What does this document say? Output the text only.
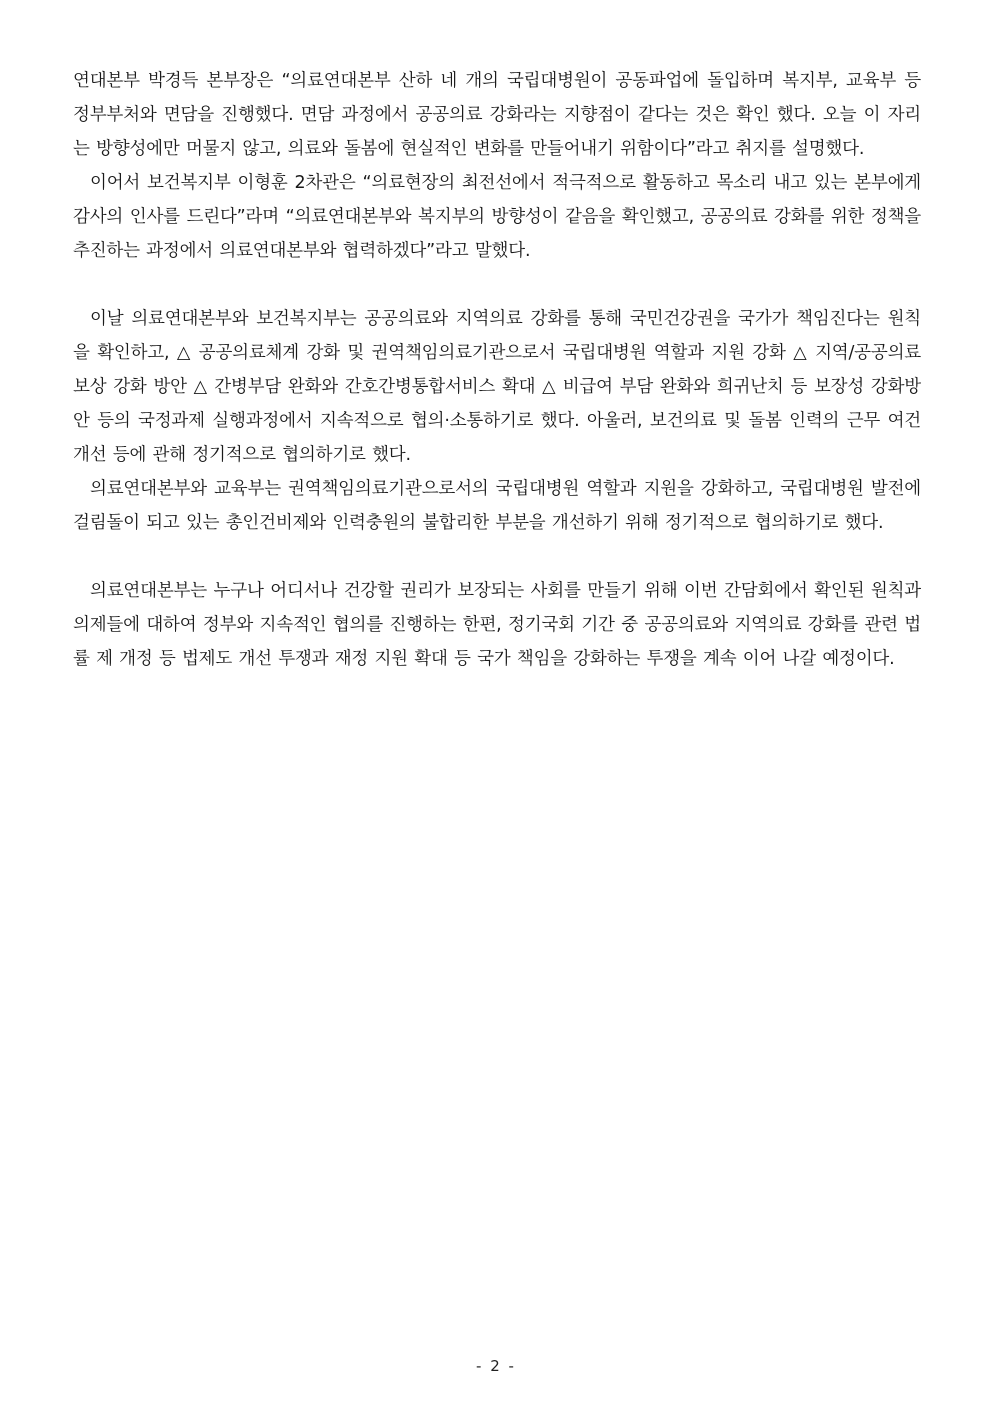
연대본부 박경득 본부장은 “의료연대본부 산하 네 개의 국립대병원이 공동파업에 돌입하며 복지부, 교육부 등 정부부처와 면담을 진행했다. 면담 과정에서 공공의료 강화라는 지향점이 같다는 것은 확인 했다. 오늘 이 자리는 방향성에만 머물지 않고, 의료와 돌봄에 현실적인 변화를 만들어내기 위함이다”라고 취지를 설명했다.

이어서 보건복지부 이형훈 2차관은 “의료현장의 최전선에서 적극적으로 활동하고 목소리 내고 있는 본부에게 감사의 인사를 드린다”라며 “의료연대본부와 복지부의 방향성이 같음을 확인했고, 공공의료 강화를 위한 정책을 추진하는 과정에서 의료연대본부와 협력하겠다”라고 말했다.

이날 의료연대본부와 보건복지부는 공공의료와 지역의료 강화를 통해 국민건강권을 국가가 책임진다는 원칙을 확인하고, △ 공공의료체계 강화 및 권역책임의료기관으로서 국립대병원 역할과 지원 강화 △ 지역/공공의료 보상 강화 방안 △ 간병부담 완화와 간호간병통합서비스 확대 △ 비급여 부담 완화와 희귀난치 등 보장성 강화방안 등의 국정과제 실행과정에서 지속적으로 협의·소통하기로 했다. 아울러, 보건의료 및 돌봄 인력의 근무 여건 개선 등에 관해 정기적으로 협의하기로 했다.

의료연대본부와 교육부는 권역책임의료기관으로서의 국립대병원 역할과 지원을 강화하고, 국립대병원 발전에 걸림돌이 되고 있는 총인건비제와 인력충원의 불합리한 부분을 개선하기 위해 정기적으로 협의하기로 했다.

의료연대본부는 누구나 어디서나 건강할 권리가 보장되는 사회를 만들기 위해 이번 간담회에서 확인된 원칙과 의제들에 대하여 정부와 지속적인 협의를 진행하는 한편, 정기국회 기간 중 공공의료와 지역의료 강화를 관련 법률 제 개정 등 법제도 개선 투쟁과 재정 지원 확대 등 국가 책임을 강화하는 투쟁을 계속 이어 나갈 예정이다.

- 2 -
